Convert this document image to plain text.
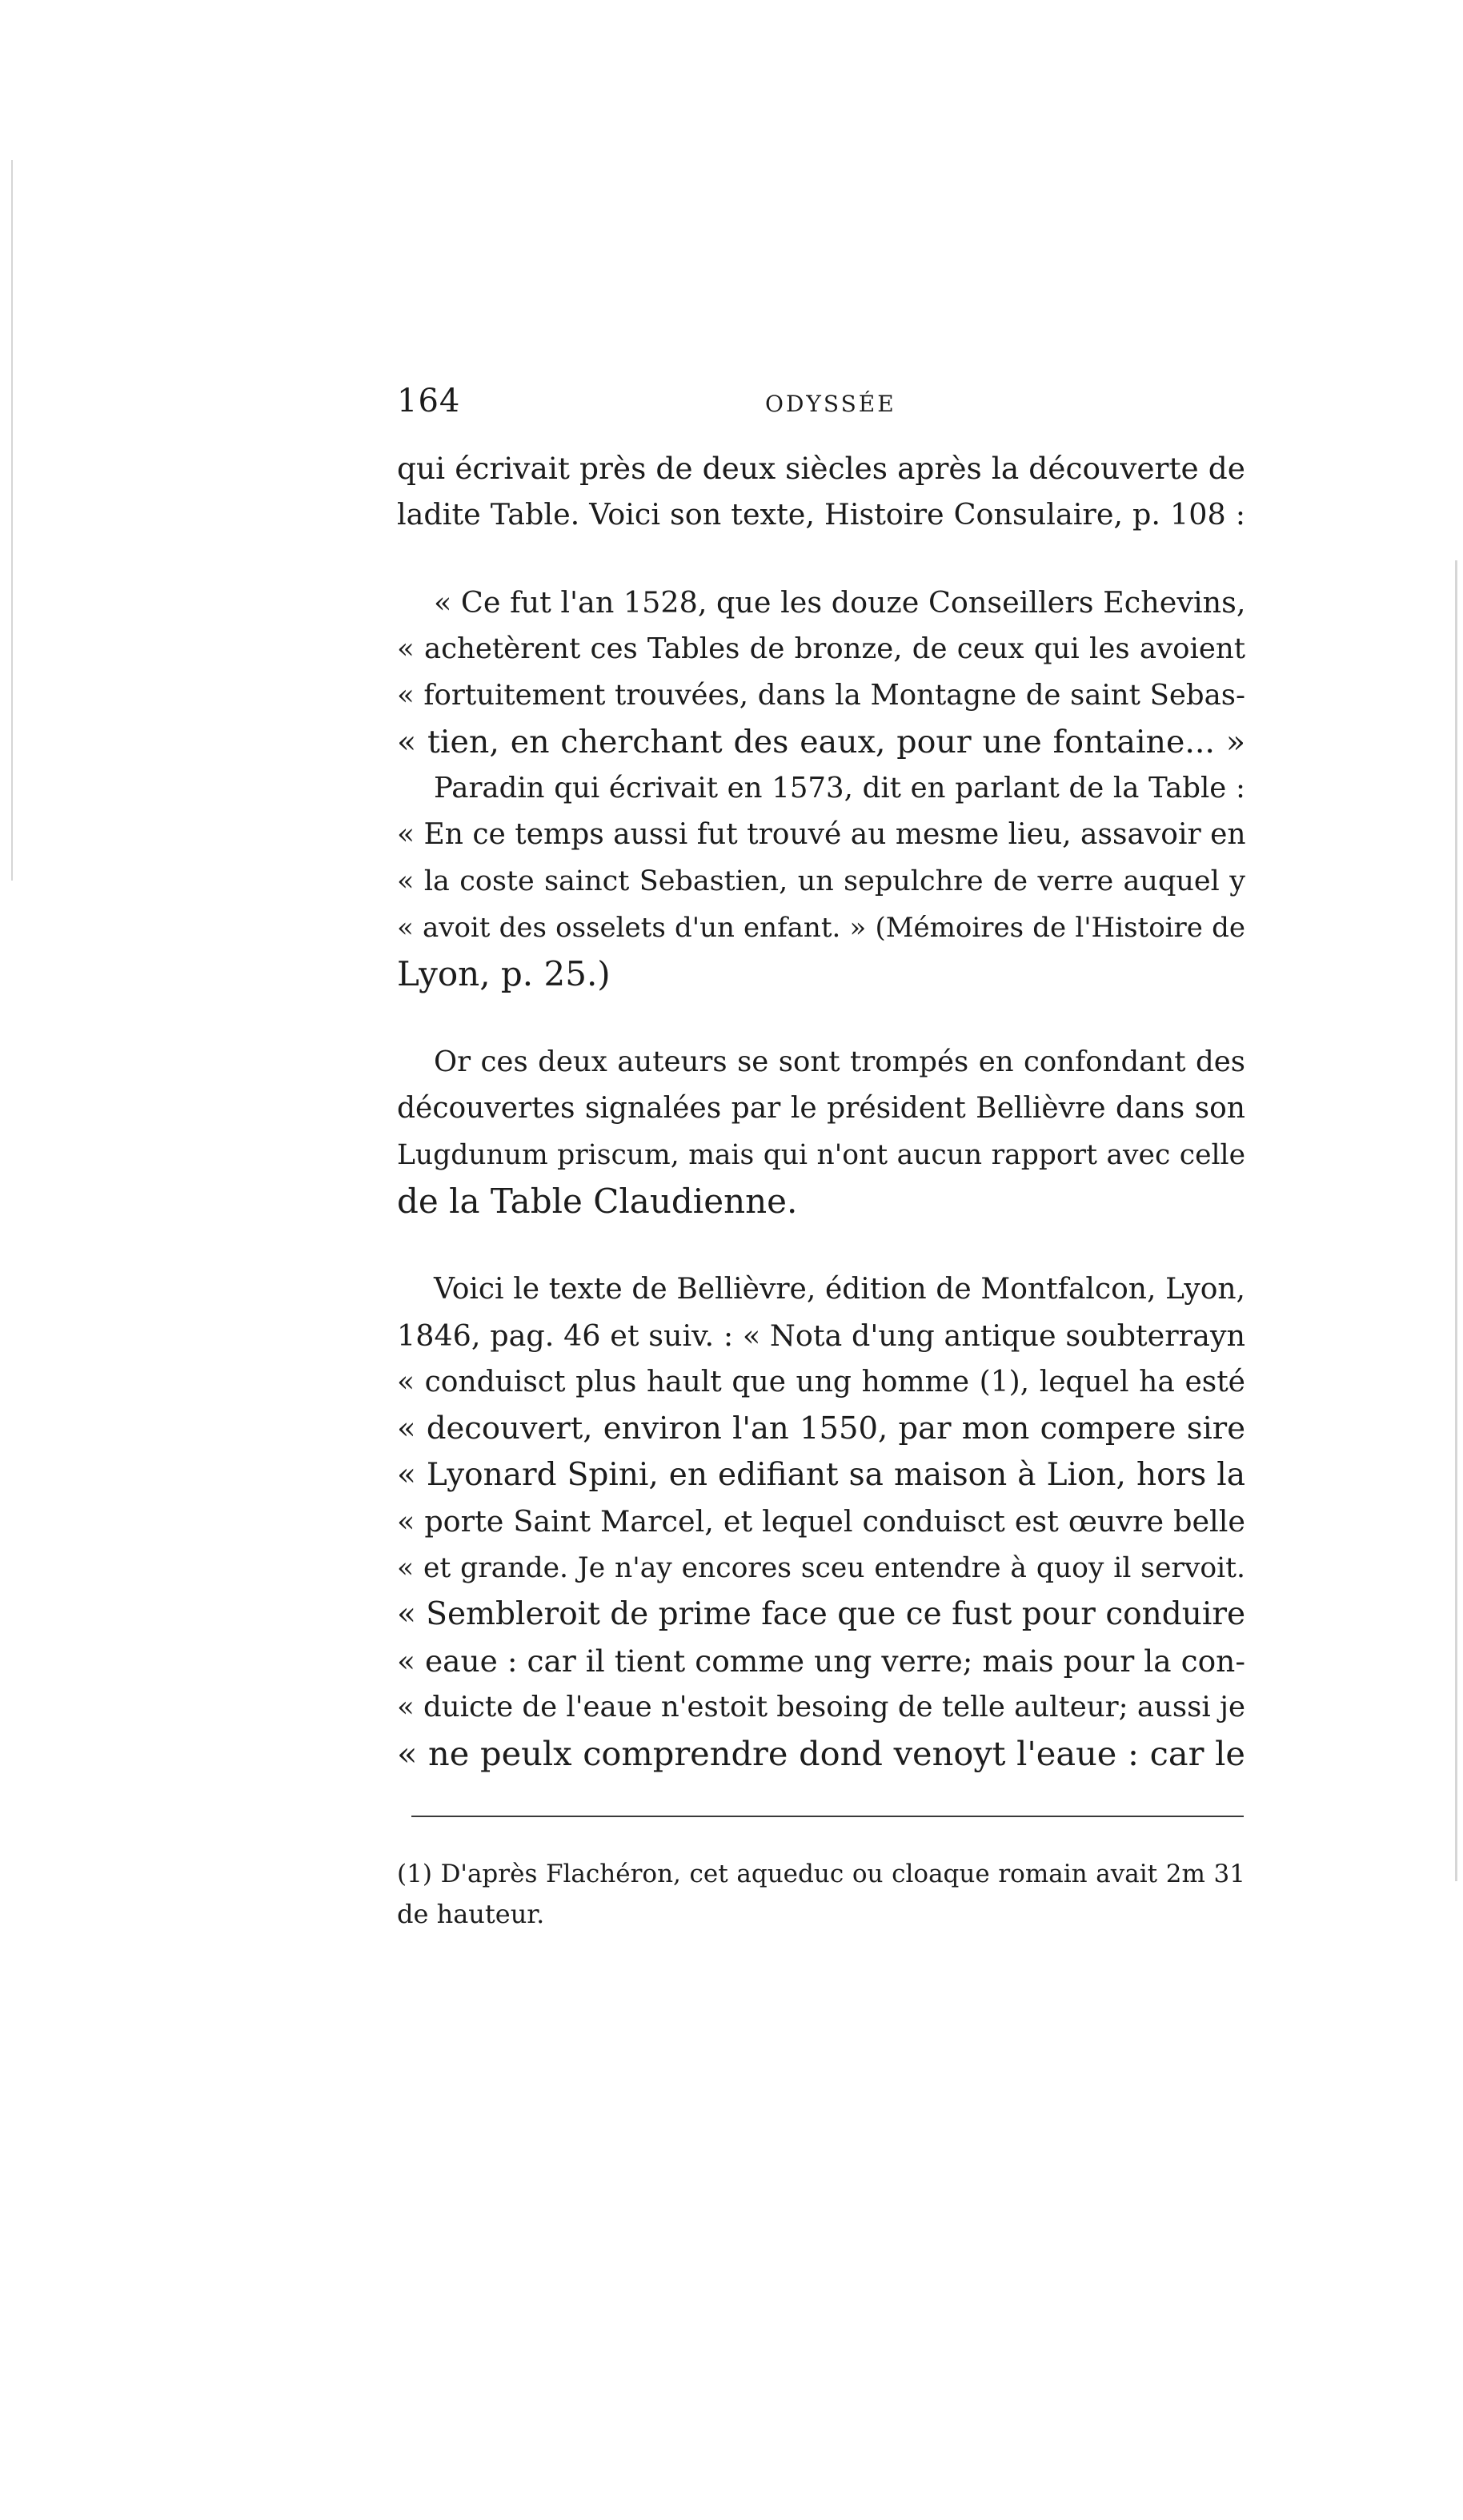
164	ODYSSÉE
qui écrivait près de deux siècles après la découverte de
ladite Table. Voici son texte, Histoire Consulaire, p. 108 :
« Ce fut l'an 1528, que les douze Conseillers Echevins,
« achetèrent ces Tables de bronze, de ceux qui les avoient
« fortuitement trouvées, dans la Montagne de saint Sebas-
« tien, en cherchant des eaux, pour une fontaine... »
Paradin qui écrivait en 1573, dit en parlant de la Table :
« En ce temps aussi fut trouvé au mesme lieu, assavoir en
« la coste sainct Sebastien, un sepulchre de verre auquel y
« avoit des osselets d'un enfant. » (Mémoires de l'Histoire de
Lyon, p. 25.)
Or ces deux auteurs se sont trompés en confondant des
découvertes signalées par le président Bellièvre dans son
Lugdunum priscum, mais qui n'ont aucun rapport avec celle
de la Table Claudienne.
Voici le texte de Bellièvre, édition de Montfalcon, Lyon,
1846, pag. 46 et suiv. : « Nota d'ung antique soubterrayn
« conduisct plus hault que ung homme (1), lequel ha esté
« decouvert, environ l'an 1550, par mon compere sire
« Lyonard Spini, en edifiant sa maison à Lion, hors la
« porte Saint Marcel, et lequel conduisct est œuvre belle
« et grande. Je n'ay encores sceu entendre à quoy il servoit.
« Sembleroit de prime face que ce fust pour conduire
« eaue : car il tient comme ung verre; mais pour la con-
« duicte de l'eaue n'estoit besoing de telle aulteur; aussi je
« ne peulx comprendre dond venoyt l'eaue : car le
(1) D'après Flachéron, cet aqueduc ou cloaque romain avait 2m 31
de hauteur.
